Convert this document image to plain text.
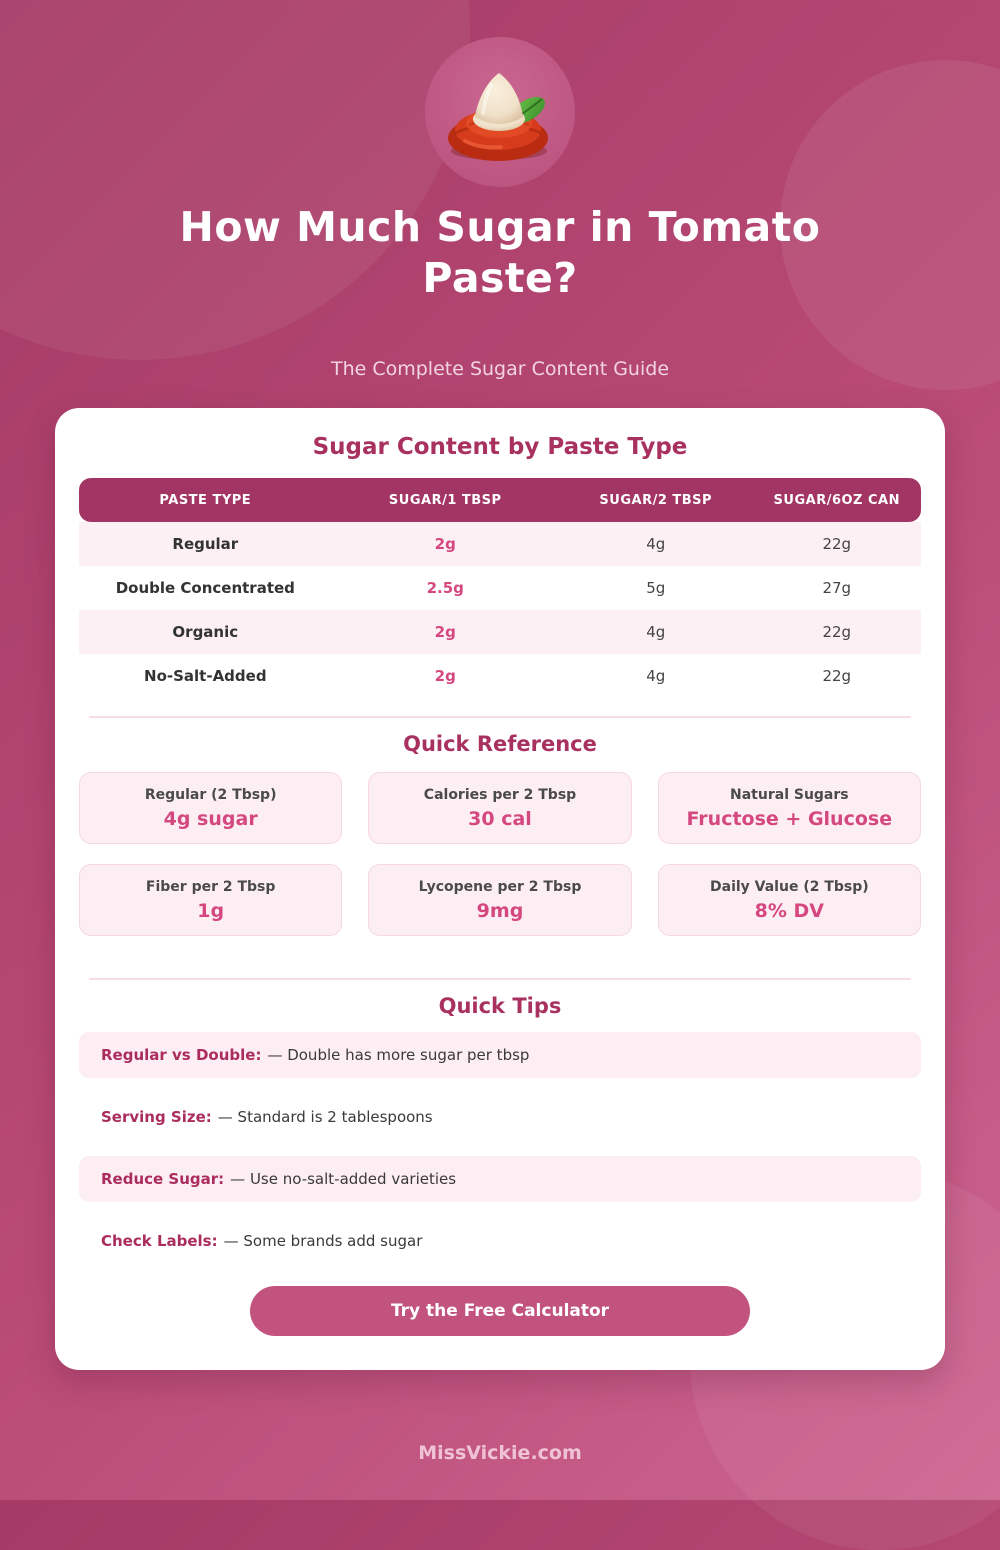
How Much Sugar in Tomato Paste?
The Complete Sugar Content Guide
Sugar Content by Paste Type
PASTE TYPE	SUGAR/1 TBSP	SUGAR/2 TBSP	SUGAR/6OZ CAN
Regular	2g	4g	22g
Double Concentrated	2.5g	5g	27g
Organic	2g	4g	22g
No-Salt-Added	2g	4g	22g
Quick Reference
Regular (2 Tbsp)
4g sugar
Calories per 2 Tbsp
30 cal
Natural Sugars
Fructose + Glucose
Fiber per 2 Tbsp
1g
Lycopene per 2 Tbsp
9mg
Daily Value (2 Tbsp)
8% DV
Quick Tips
Regular vs Double: — Double has more sugar per tbsp
Serving Size: — Standard is 2 tablespoons
Reduce Sugar: — Use no-salt-added varieties
Check Labels: — Some brands add sugar
Try the Free Calculator
MissVickie.com
